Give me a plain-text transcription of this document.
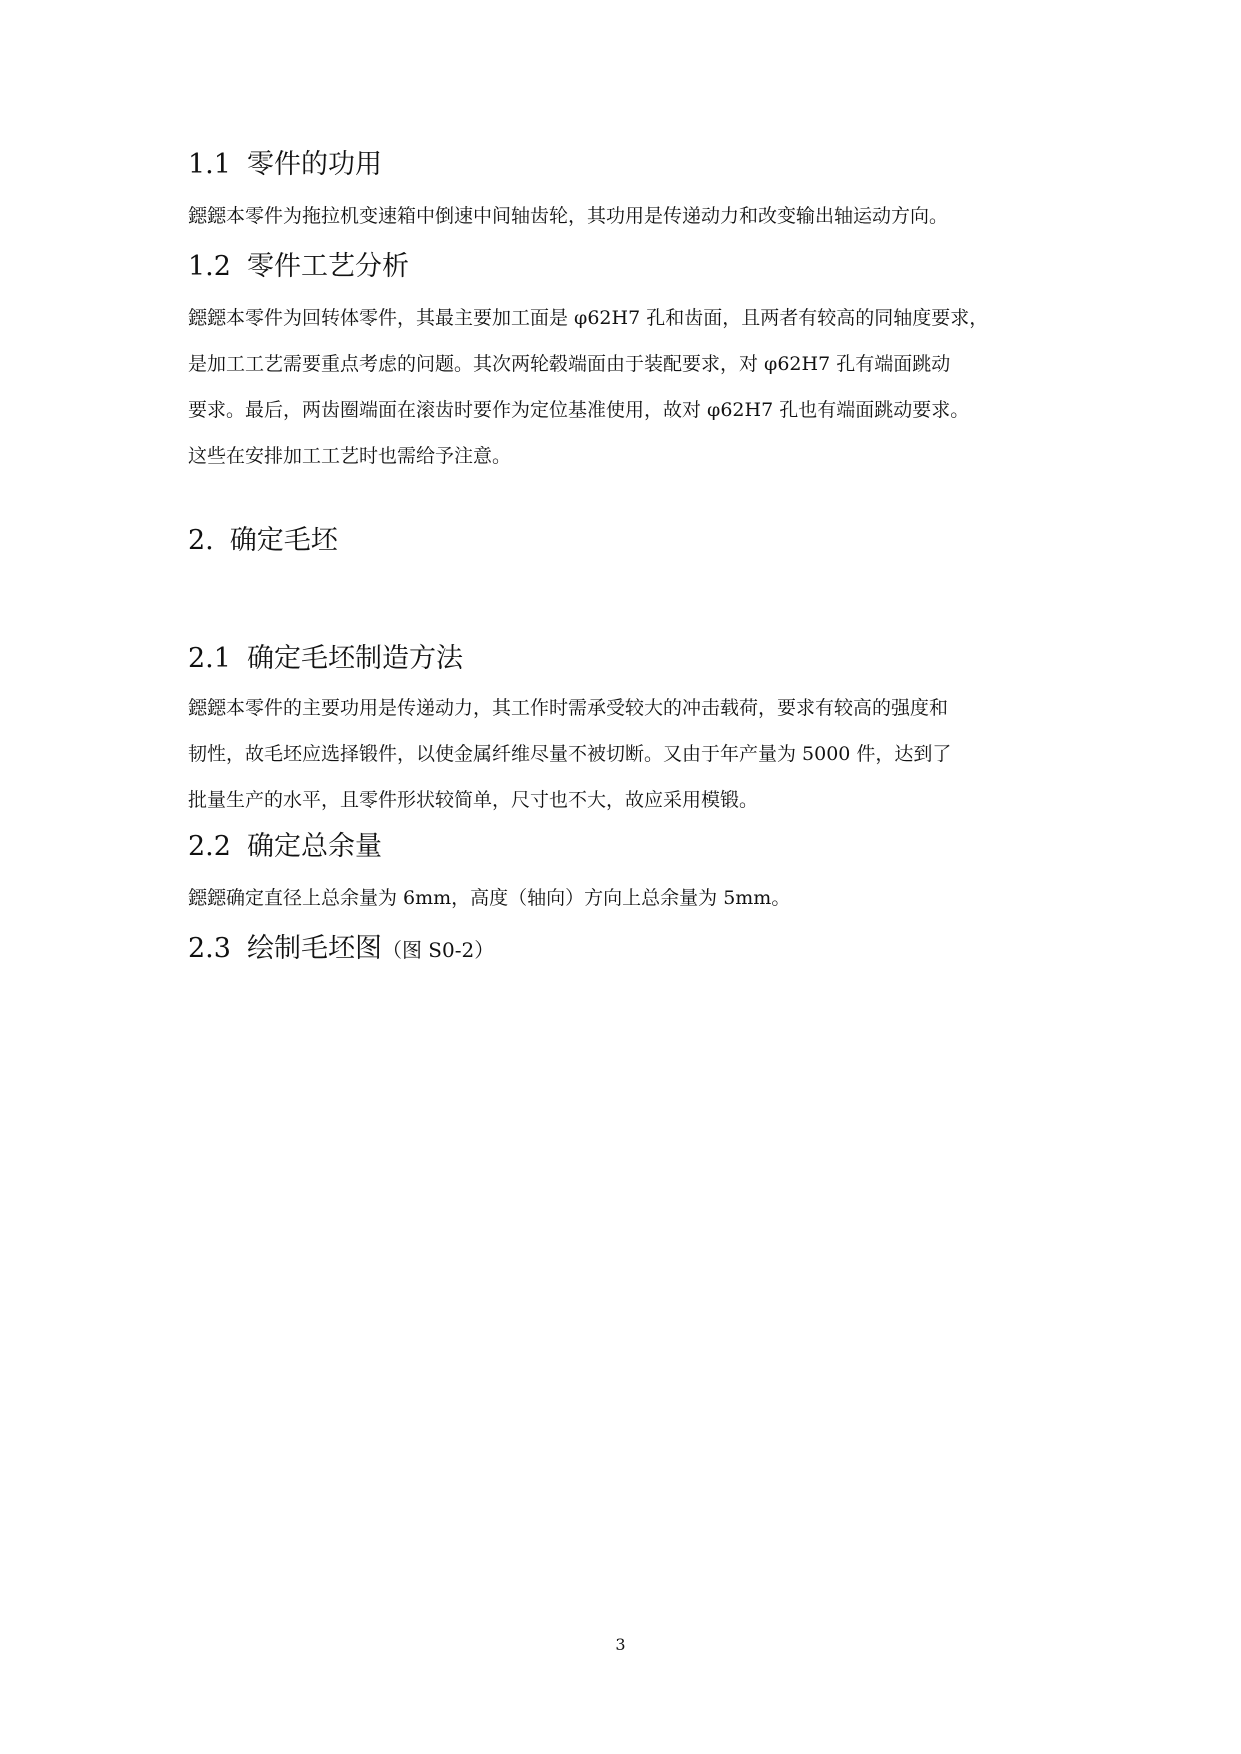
1.1 零件的功用

鐚鐚本零件为拖拉机变速箱中倒速中间轴齿轮，其功用是传递动力和改变输出轴运动方向。

1.2 零件工艺分析

鐚鐚本零件为回转体零件，其最主要加工面是 φ62H7 孔和齿面，且两者有较高的同轴度要求，
是加工工艺需要重点考虑的问题。其次两轮毂端面由于装配要求，对 φ62H7 孔有端面跳动
要求。最后，两齿圈端面在滚齿时要作为定位基准使用，故对 φ62H7 孔也有端面跳动要求。
这些在安排加工工艺时也需给予注意。

2. 确定毛坯
2.1 确定毛坯制造方法

鐚鐚本零件的主要功用是传递动力，其工作时需承受较大的冲击载荷，要求有较高的强度和
韧性，故毛坯应选择锻件，以使金属纤维尽量不被切断。又由于年产量为 5000 件，达到了
批量生产的水平，且零件形状较简单，尺寸也不大，故应采用模锻。

2.2 确定总余量

鐚鐚确定直径上总余量为 6mm，高度（轴向）方向上总余量为 5mm。

2.3 绘制毛坯图（图 S0-2）
3
